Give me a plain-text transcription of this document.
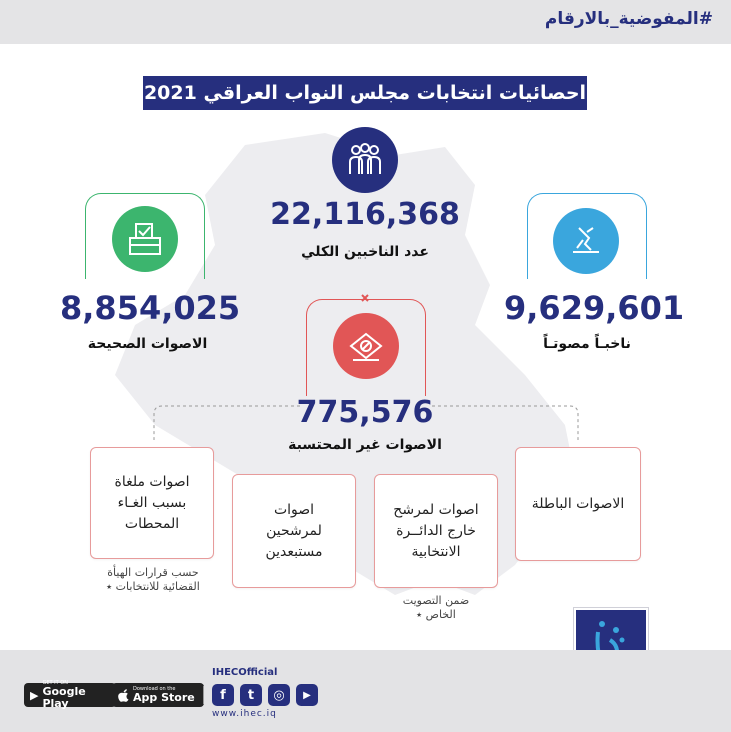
#المفوضية_بالارقام
احصائيات انتخابات مجلس النواب العراقي 2021
22,116,368
عدد الناخبين الكلي
8,854,025
الاصوات الصحيحة
9,629,601
ناخبـاً مصوتـاً
775,576
الاصوات غير المحتسبة
الاصوات الباطلة
اصوات لمرشح خارج الدائــرة الانتخابية
اصوات لمرشحين مستبعدين
اصوات ملغاة بسبب الغـاء المحطات
ضمن التصويت الخاص ٭
حسب قرارات الهيأة القضائية للانتخابات ٭
▶
GET IT ON
Google Play
Download on the
App Store
IHECOfficial
f	t	◎	▶
www.ihec.iq
